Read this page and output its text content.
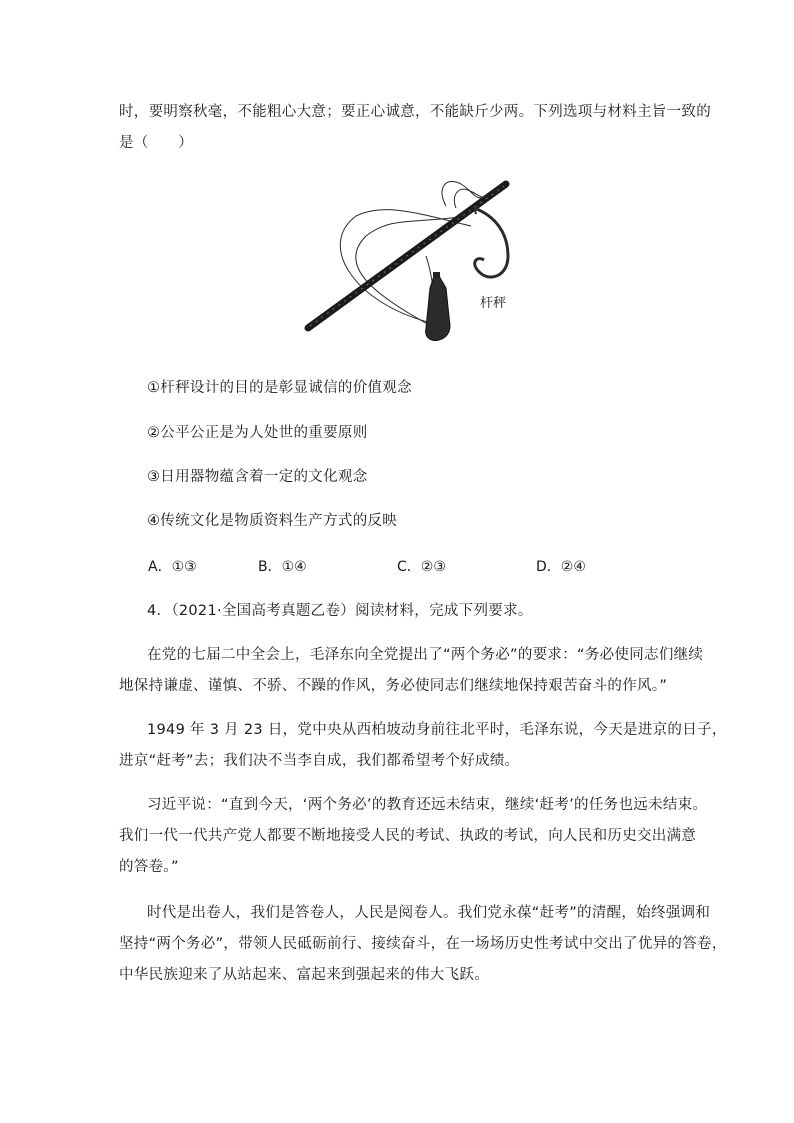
时，要明察秋毫，不能粗心大意；要正心诚意，不能缺斤少两。下列选项与材料主旨一致的
是（　　）
杆秤
①杆秤设计的目的是彰显诚信的价值观念
②公平公正是为人处世的重要原则
③日用器物蕴含着一定的文化观念
④传统文化是物质资料生产方式的反映
A．①③	B．①④	C．②③	D．②④
4．（2021·全国高考真题乙卷）阅读材料，完成下列要求。
在党的七届二中全会上，毛泽东向全党提出了“两个务必”的要求：“务必使同志们继续
地保持谦虚、谨慎、不骄、不躁的作风，务必使同志们继续地保持艰苦奋斗的作风。”
1949 年 3 月 23 日，党中央从西柏坡动身前往北平时，毛泽东说，今天是进京的日子，
进京“赶考”去；我们决不当李自成，我们都希望考个好成绩。
习近平说：“直到今天，‘两个务必’的教育还远未结束，继续‘赶考’的任务也远未结束。
我们一代一代共产党人都要不断地接受人民的考试、执政的考试，向人民和历史交出满意
的答卷。”
时代是出卷人，我们是答卷人，人民是阅卷人。我们党永葆“赶考”的清醒，始终强调和
坚持“两个务必”，带领人民砥砺前行、接续奋斗，在一场场历史性考试中交出了优异的答卷，
中华民族迎来了从站起来、富起来到强起来的伟大飞跃。
